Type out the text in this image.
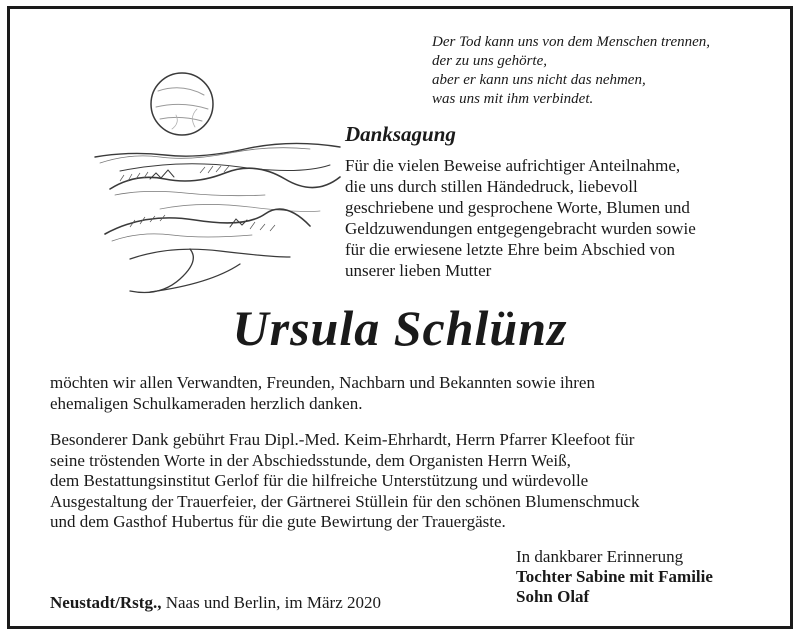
Der Tod kann uns von dem Menschen trennen,
der zu uns gehörte,
aber er kann uns nicht das nehmen,
was uns mit ihm verbindet.
Danksagung
Für die vielen Beweise aufrichtiger Anteilnahme,
die uns durch stillen Händedruck, liebevoll
geschriebene und gesprochene Worte, Blumen und
Geldzuwendungen entgegengebracht wurden sowie
für die erwiesene letzte Ehre beim Abschied von
unserer lieben Mutter
Ursula Schlünz
möchten wir allen Verwandten, Freunden, Nachbarn und Bekannten sowie ihren
ehemaligen Schulkameraden herzlich danken.
Besonderer Dank gebührt Frau Dipl.-Med. Keim-Ehrhardt, Herrn Pfarrer Kleefoot für
seine tröstenden Worte in der Abschiedsstunde, dem Organisten Herrn Weiß,
dem Bestattungsinstitut Gerlof für die hilfreiche Unterstützung und würdevolle
Ausgestaltung der Trauerfeier, der Gärtnerei Stüllein für den schönen Blumenschmuck
und dem Gasthof Hubertus für die gute Bewirtung der Trauergäste.
In dankbarer Erinnerung
Tochter Sabine mit Familie
Sohn Olaf
Neustadt/Rstg., Naas und Berlin, im März 2020
